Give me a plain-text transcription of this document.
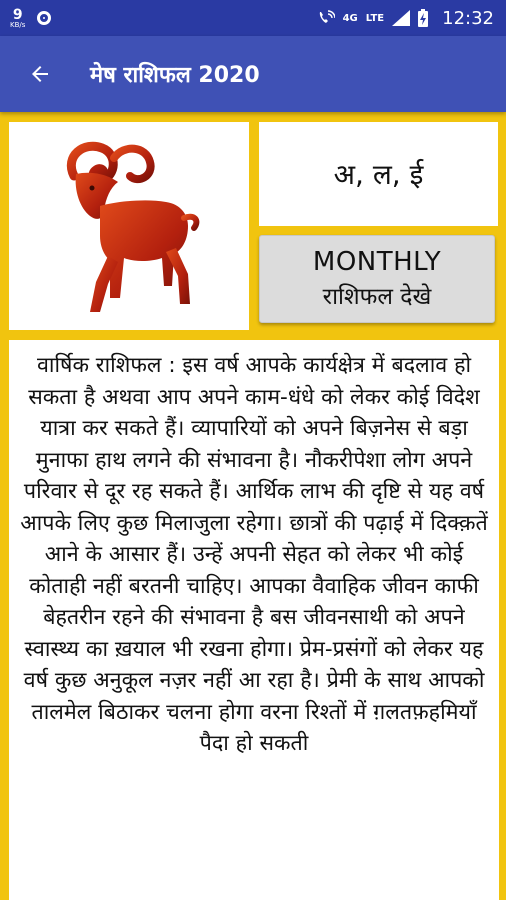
9
KB/s
4G LTE	12:32
मेष राशिफल 2020
अ, ल, ई
MONTHLY
राशिफल देखे

वार्षिक राशिफल : इस वर्ष आपके कार्यक्षेत्र में बदलाव हो सकता है अथवा आप अपने काम-धंधे को लेकर कोई विदेश यात्रा कर सकते हैं। व्यापारियों को अपने बिज़नेस से बड़ा मुनाफा हाथ लगने की संभावना है। नौकरीपेशा लोग अपने परिवार से दूर रह सकते हैं। आर्थिक लाभ की दृष्टि से यह वर्ष आपके लिए कुछ मिलाजुला रहेगा। छात्रों की पढ़ाई में दिक्क़तें आने के आसार हैं। उन्हें अपनी सेहत को लेकर भी कोई कोताही नहीं बरतनी चाहिए। आपका वैवाहिक जीवन काफी बेहतरीन रहने की संभावना है बस जीवनसाथी को अपने स्वास्थ्य का ख़याल भी रखना होगा। प्रेम-प्रसंगों को लेकर यह वर्ष कुछ अनुकूल नज़र नहीं आ रहा है। प्रेमी के साथ आपको तालमेल बिठाकर चलना होगा वरना रिश्तों में ग़लतफ़हमियाँ पैदा हो सकती
